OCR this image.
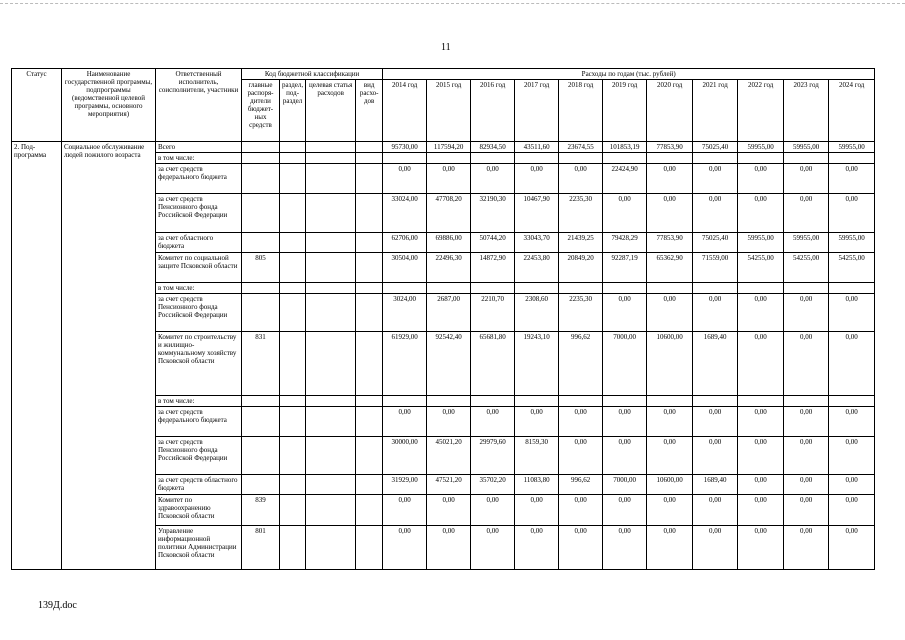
11
Статус	Наименование государственной программы, подпрограммы (ведомственной целевой программы, основного мероприятия)	Ответственный исполнитель, соисполнители, участники	Код бюджетной классификации				Расходы по годам (тыс. рублей)										
			главные распоря-дители бюджет-ных средств	раздел, под-раздел	целевая статья расходов	вид расхо-дов	2014 год	2015 год	2016 год	2017 год	2018 год	2019 год	2020 год	2021 год	2022 год	2023 год	2024 год
2. Под-программа	Социальное обслуживание людей пожилого возраста	Всего					95730,00	117594,20	82934,50	43511,60	23674,55	101853,19	77853,90	75025,40	59955,00	59955,00	59955,00
		в том числе:															
		за счет средств федерального бюджета					0,00	0,00	0,00	0,00	0,00	22424,90	0,00	0,00	0,00	0,00	0,00
		за счет средств Пенсионного фонда Российской Федерации					33024,00	47708,20	32190,30	10467,90	2235,30	0,00	0,00	0,00	0,00	0,00	0,00
		за счет областного бюджета					62706,00	69886,00	50744,20	33043,70	21439,25	79428,29	77853,90	75025,40	59955,00	59955,00	59955,00
		Комитет по социальной защите Псковской области	805				30504,00	22496,30	14872,90	22453,80	20849,20	92287,19	65362,90	71559,00	54255,00	54255,00	54255,00
		в том числе:															
		за счет средств Пенсионного фонда Российской Федерации					3024,00	2687,00	2210,70	2308,60	2235,30	0,00	0,00	0,00	0,00	0,00	0,00
		Комитет по строительству и жилищно-коммунальному хозяйству Псковской области	831				61929,00	92542,40	65681,80	19243,10	996,62	7000,00	10600,00	1689,40	0,00	0,00	0,00
		в том числе:															
		за счет средств федерального бюджета					0,00	0,00	0,00	0,00	0,00	0,00	0,00	0,00	0,00	0,00	0,00
		за счет средств Пенсионного фонда Российской Федерации					30000,00	45021,20	29979,60	8159,30	0,00	0,00	0,00	0,00	0,00	0,00	0,00
		за счет средств областного бюджета					31929,00	47521,20	35702,20	11083,80	996,62	7000,00	10600,00	1689,40	0,00	0,00	0,00
		Комитет по здравоохранению Псковской области	839				0,00	0,00	0,00	0,00	0,00	0,00	0,00	0,00	0,00	0,00	0,00
		Управление информационной политики Администрации Псковской области	801				0,00	0,00	0,00	0,00	0,00	0,00	0,00	0,00	0,00	0,00	0,00
139Д.doc
